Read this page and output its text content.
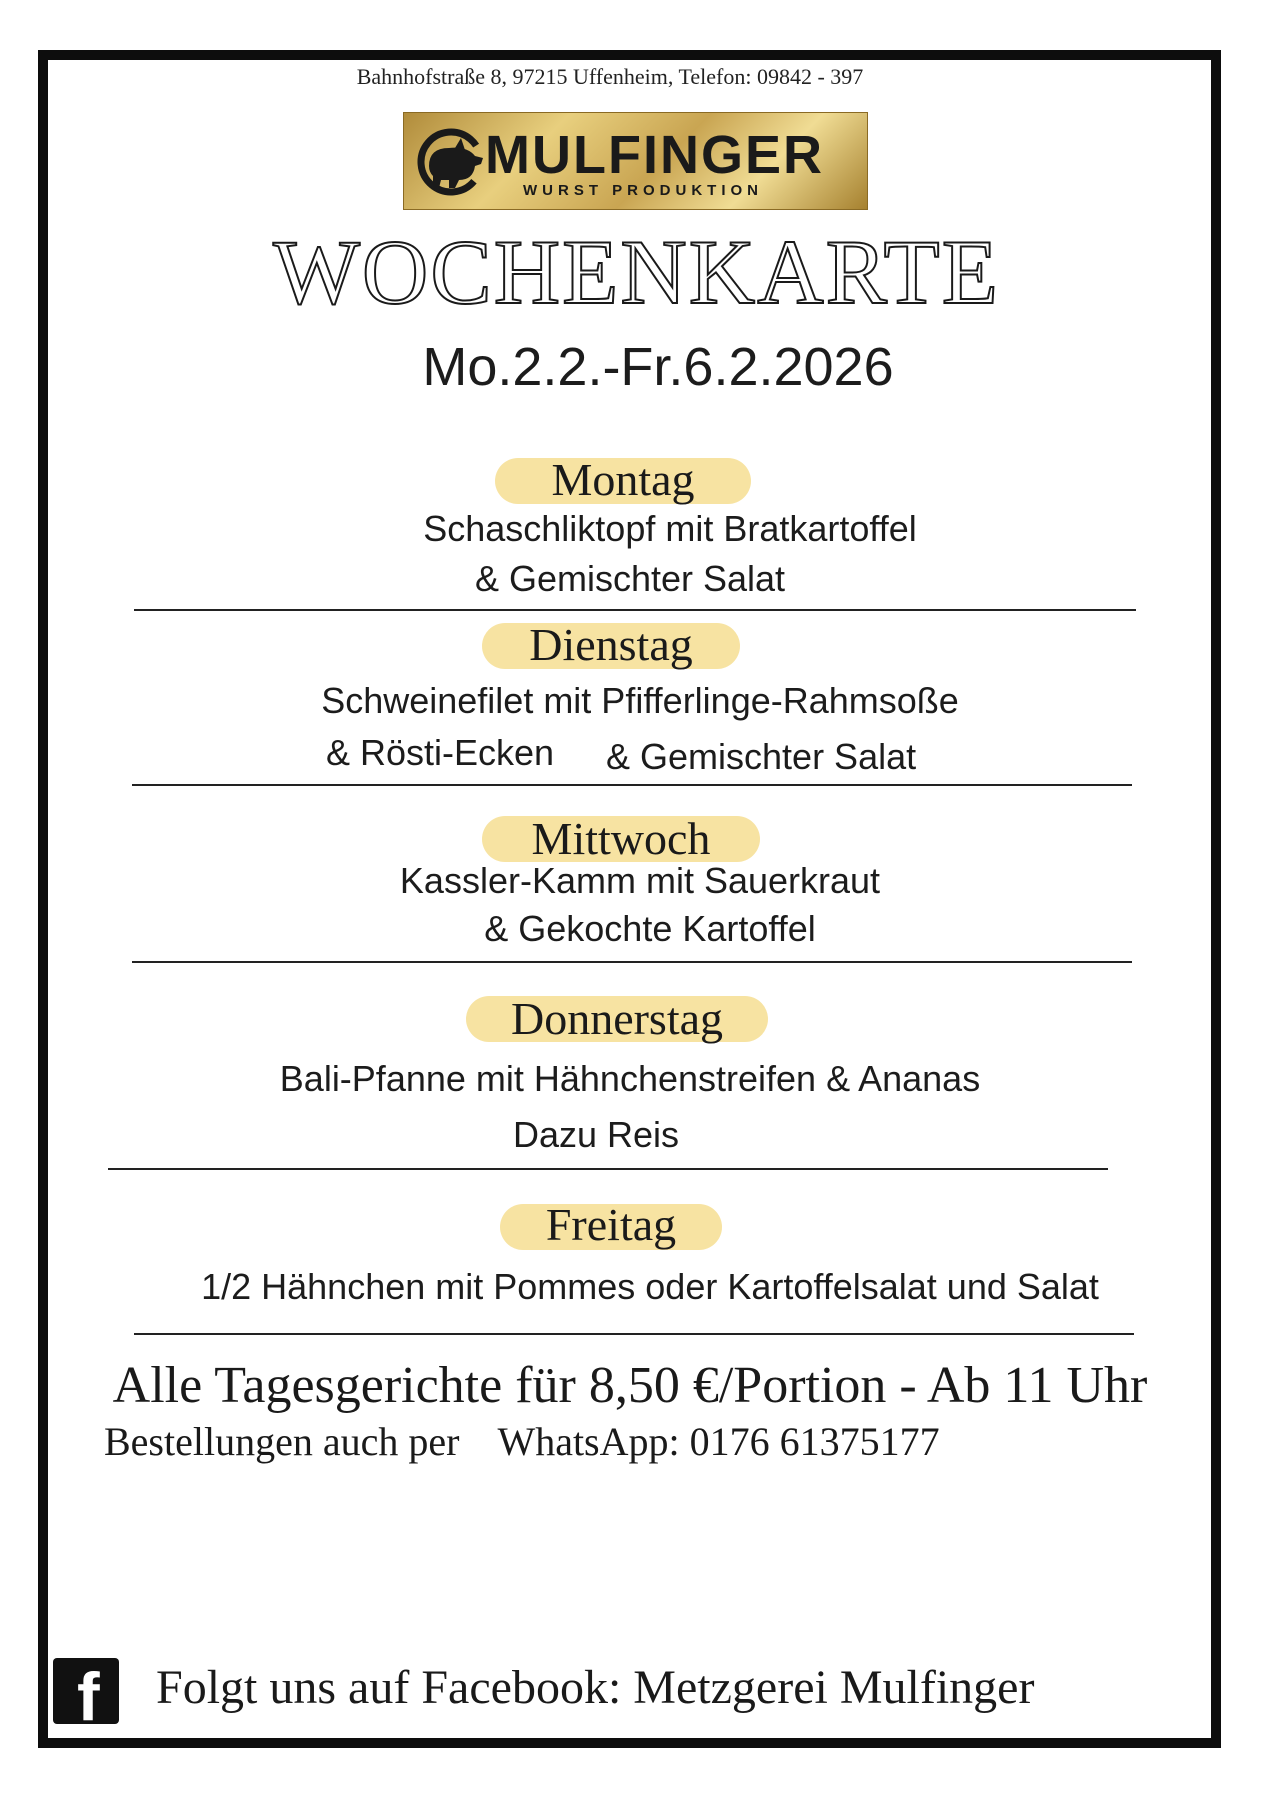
Bahnhofstraße 8, 97215 Uffenheim, Telefon: 09842 - 397
MULFINGER
WURST PRODUKTION
WOCHENKARTE
Mo.2.2.-Fr.6.2.2026
Montag
Schaschliktopf mit Bratkartoffel
& Gemischter Salat
Dienstag
Schweinefilet mit Pfifferlinge-Rahmsoße
& Rösti-Ecken & Gemischter Salat
Mittwoch
Kassler-Kamm mit Sauerkraut
& Gekochte Kartoffel
Donnerstag
Bali-Pfanne mit Hähnchenstreifen & Ananas
Dazu Reis
Freitag
1/2 Hähnchen mit Pommes oder Kartoffelsalat und Salat
Alle Tagesgerichte für 8,50 €/Portion - Ab 11 Uhr
Bestellungen auch per WhatsApp: 0176 61375177
f Folgt uns auf Facebook: Metzgerei Mulfinger
